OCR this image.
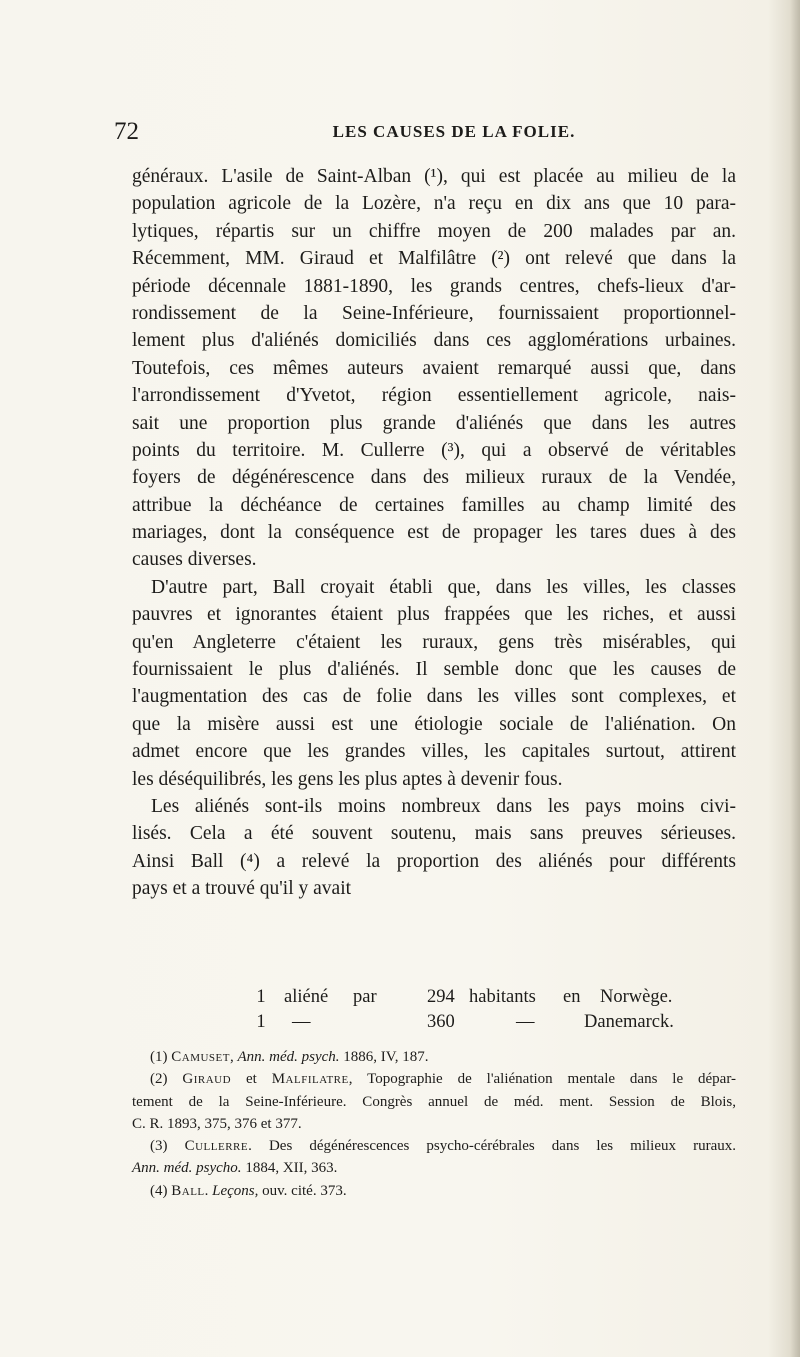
72	LES CAUSES DE LA FOLIE.
généraux. L'asile de Saint-Alban (¹), qui est placée au milieu de la
population agricole de la Lozère, n'a reçu en dix ans que 10 para-
lytiques, répartis sur un chiffre moyen de 200 malades par an.
Récemment, MM. Giraud et Malfilâtre (²) ont relevé que dans la
période décennale 1881-1890, les grands centres, chefs-lieux d'ar-
rondissement de la Seine-Inférieure, fournissaient proportionnel-
lement plus d'aliénés domiciliés dans ces agglomérations urbaines.
Toutefois, ces mêmes auteurs avaient remarqué aussi que, dans
l'arrondissement d'Yvetot, région essentiellement agricole, nais-
sait une proportion plus grande d'aliénés que dans les autres
points du territoire. M. Cullerre (³), qui a observé de véritables
foyers de dégénérescence dans des milieux ruraux de la Vendée,
attribue la déchéance de certaines familles au champ limité des
mariages, dont la conséquence est de propager les tares dues à des
causes diverses.
D'autre part, Ball croyait établi que, dans les villes, les classes
pauvres et ignorantes étaient plus frappées que les riches, et aussi
qu'en Angleterre c'étaient les ruraux, gens très misérables, qui
fournissaient le plus d'aliénés. Il semble donc que les causes de
l'augmentation des cas de folie dans les villes sont complexes, et
que la misère aussi est une étiologie sociale de l'aliénation. On
admet encore que les grandes villes, les capitales surtout, attirent
les déséquilibrés, les gens les plus aptes à devenir fous.
Les aliénés sont-ils moins nombreux dans les pays moins civi-
lisés. Cela a été souvent soutenu, mais sans preuves sérieuses.
Ainsi Ball (⁴) a relevé la proportion des aliénés pour différents
pays et a trouvé qu'il y avait
1 aliéné par	294 habitants en Norwège.
1 —	360	—	Danemarck.
(1) Camuset, Ann. méd. psych. 1886, IV, 187.
(2) Giraud et Malfilatre, Topographie de l'aliénation mentale dans le dépar-
tement de la Seine-Inférieure. Congrès annuel de méd. ment. Session de Blois,
C. R. 1893, 375, 376 et 377.
(3) Cullerre. Des dégénérescences psycho-cérébrales dans les milieux ruraux.
Ann. méd. psycho. 1884, XII, 363.
(4) Ball. Leçons, ouv. cité. 373.
